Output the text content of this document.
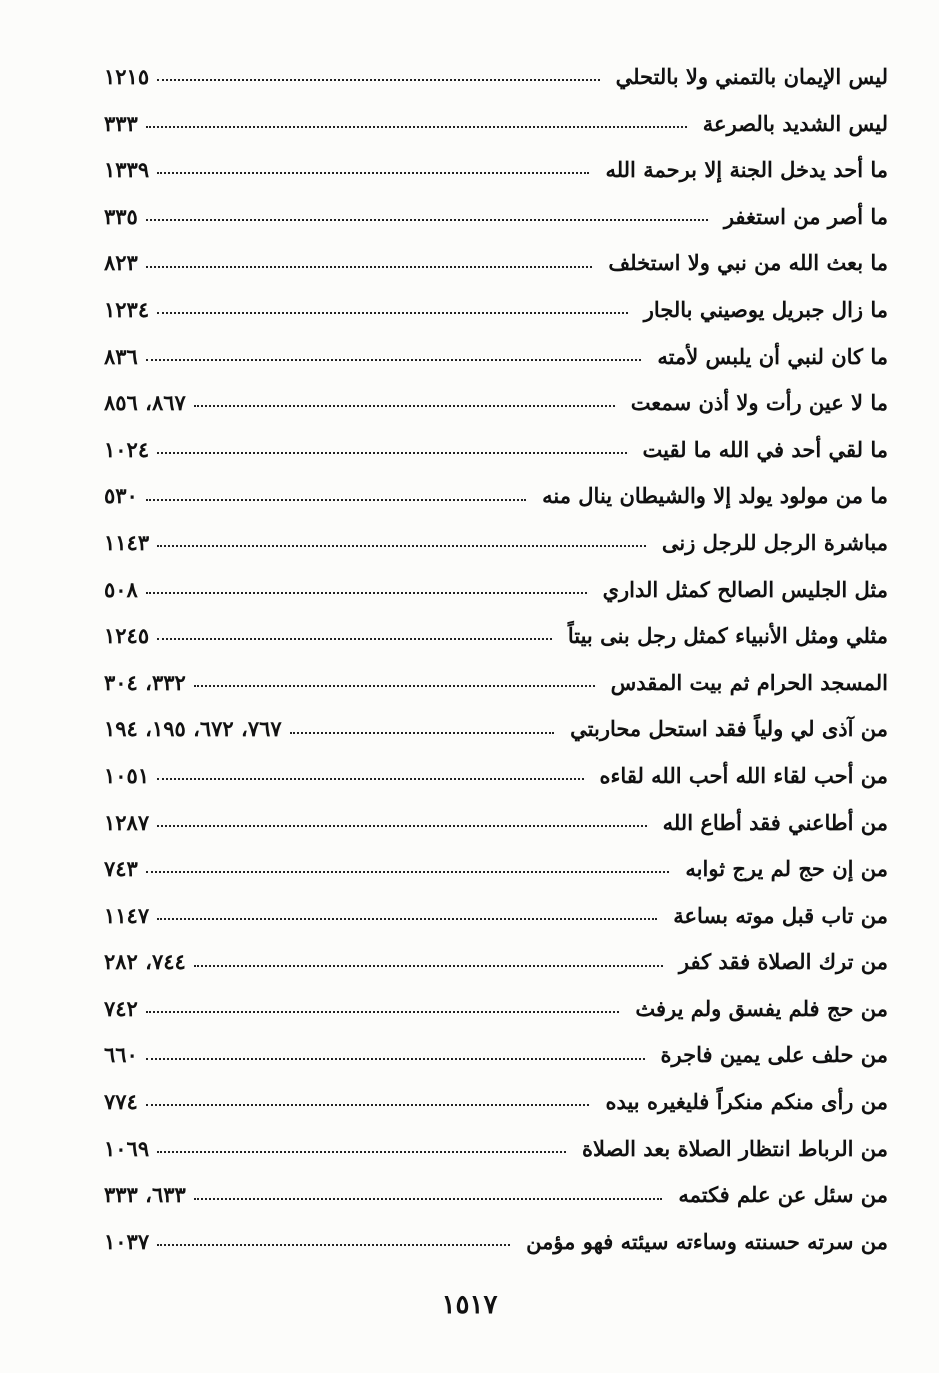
ليس الإيمان بالتمني ولا بالتحلي
١٢١٥
ليس الشديد بالصرعة
٣٣٣
ما أحد يدخل الجنة إلا برحمة الله
١٣٣٩
ما أصر من استغفر
٣٣٥
ما بعث الله من نبي ولا استخلف
٨٢٣
ما زال جبريل يوصيني بالجار
١٢٣٤
ما كان لنبي أن يلبس لأمته
٨٣٦
ما لا عين رأت ولا أذن سمعت
٨٦٧، ٨٥٦
ما لقي أحد في الله ما لقيت
١٠٢٤
ما من مولود يولد إلا والشيطان ينال منه
٥٣٠
مباشرة الرجل للرجل زنى
١١٤٣
مثل الجليس الصالح كمثل الداري
٥٠٨
مثلي ومثل الأنبياء كمثل رجل بنى بيتاً
١٢٤٥
المسجد الحرام ثم بيت المقدس
٣٣٢، ٣٠٤
من آذى لي ولياً فقد استحل محاربتي
٧٦٧، ٦٧٢، ١٩٥، ١٩٤
من أحب لقاء الله أحب الله لقاءه
١٠٥١
من أطاعني فقد أطاع الله
١٢٨٧
من إن حج لم يرج ثوابه
٧٤٣
من تاب قبل موته بساعة
١١٤٧
من ترك الصلاة فقد كفر
٧٤٤، ٢٨٢
من حج فلم يفسق ولم يرفث
٧٤٢
من حلف على يمين فاجرة
٦٦٠
من رأى منكم منكراً فليغيره بيده
٧٧٤
من الرباط انتظار الصلاة بعد الصلاة
١٠٦٩
من سئل عن علم فكتمه
٦٣٣، ٣٣٣
من سرته حسنته وساءته سيئته فهو مؤمن
١٠٣٧
١٥١٧
